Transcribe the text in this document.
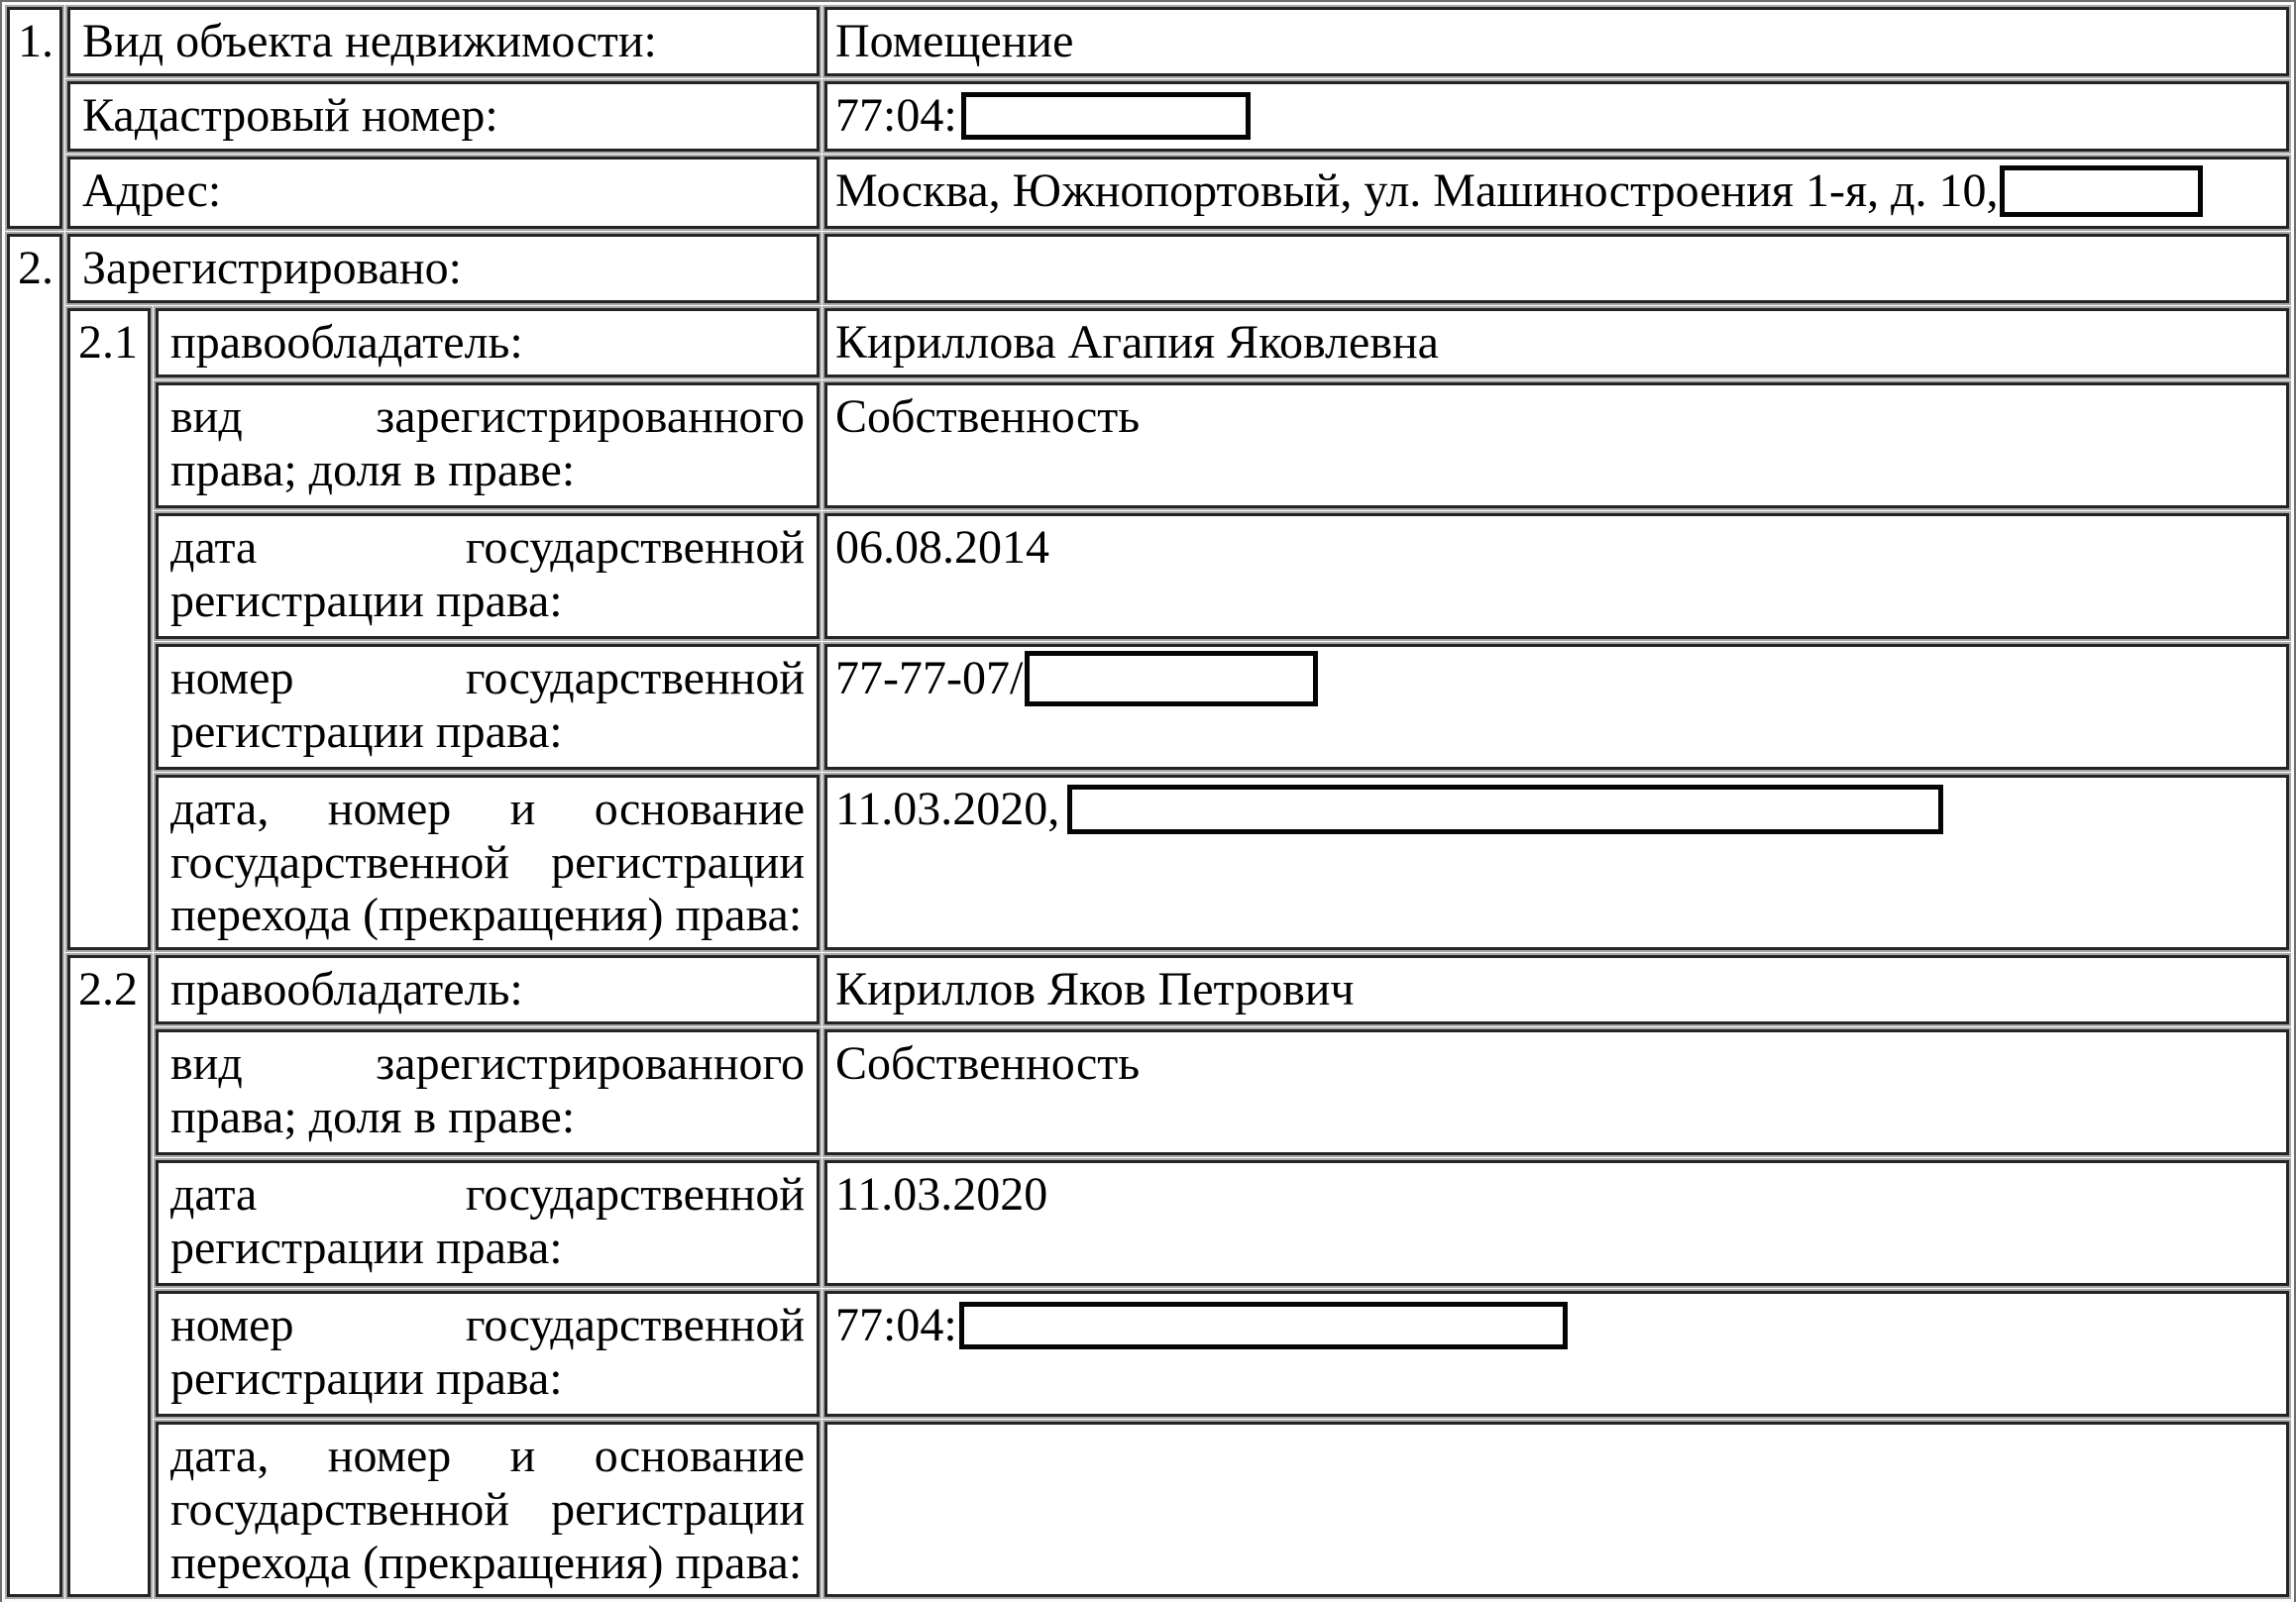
1.	Вид объекта недвижимости:		Помещение
	Кадастровый номер:		77:04:
	Адрес:		Москва, Южнопортовый, ул. Машиностроения 1-я, д. 10,
2.	Зарегистрировано:		
	2.1	правообладатель:	Кириллова Агапия Яковлевна
		вид зарегистрированного права; доля в праве:	Собственность
		дата государственной регистрации права:	06.08.2014
		номер государственной регистрации права:	77-77-07/
		дата, номер и основание государственной регистрации перехода (прекращения) права:	11.03.2020,
	2.2	правообладатель:	Кириллов Яков Петрович
		вид зарегистрированного права; доля в праве:	Собственность
		дата государственной регистрации права:	11.03.2020
		номер государственной регистрации права:	77:04:
		дата, номер и основание государственной регистрации перехода (прекращения) права:	
